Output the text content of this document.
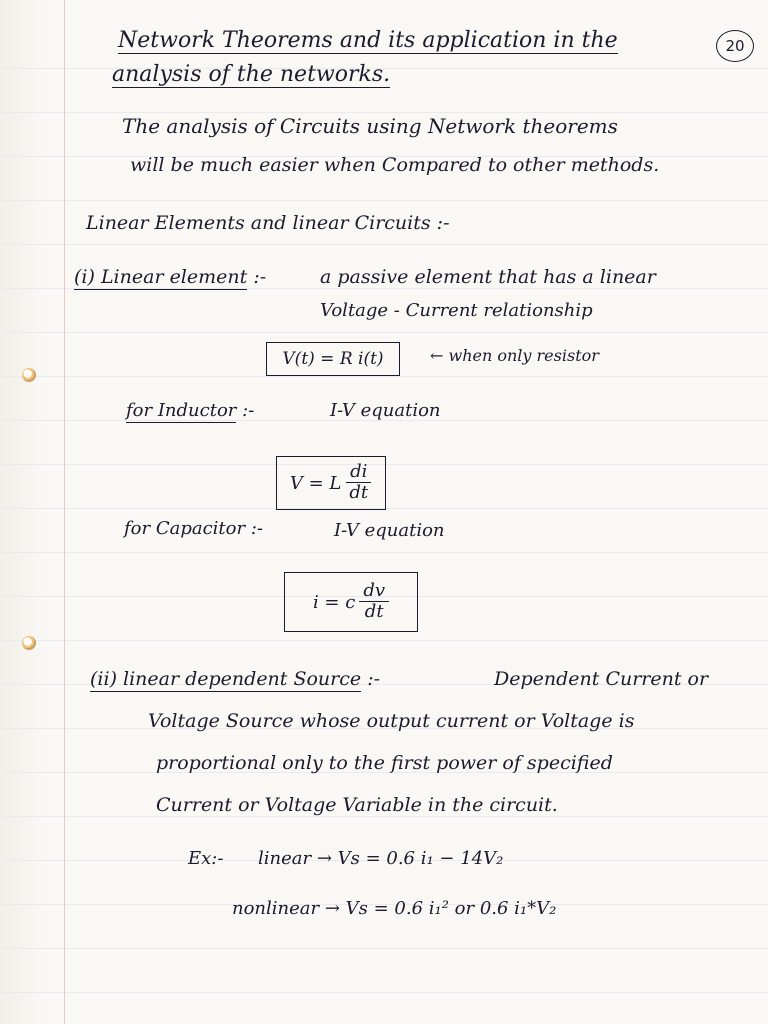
Network Theorems and its application in the	20
analysis of the networks.
The analysis of Circuits using Network theorems
will be much easier when Compared to other methods.
Linear Elements and linear Circuits :-
(i) Linear element :-	a passive element that has a linear
Voltage - Current relationship
V(t) = R i(t)	← when only resistor
for Inductor :-	I-V equation
V = L $\frac{di}{dt}$
for Capacitor :-	I-V equation
i = c $\frac{dv}{dt}$
(ii) linear dependent Source :-	Dependent Current or
Voltage Source whose output current or Voltage is
proportional only to the first power of specified
Current or Voltage Variable in the circuit.
Ex:- linear → Vs = 0.6 i₁ − 14V₂
nonlinear → Vs = 0.6 i₁² or 0.6 i₁*V₂
